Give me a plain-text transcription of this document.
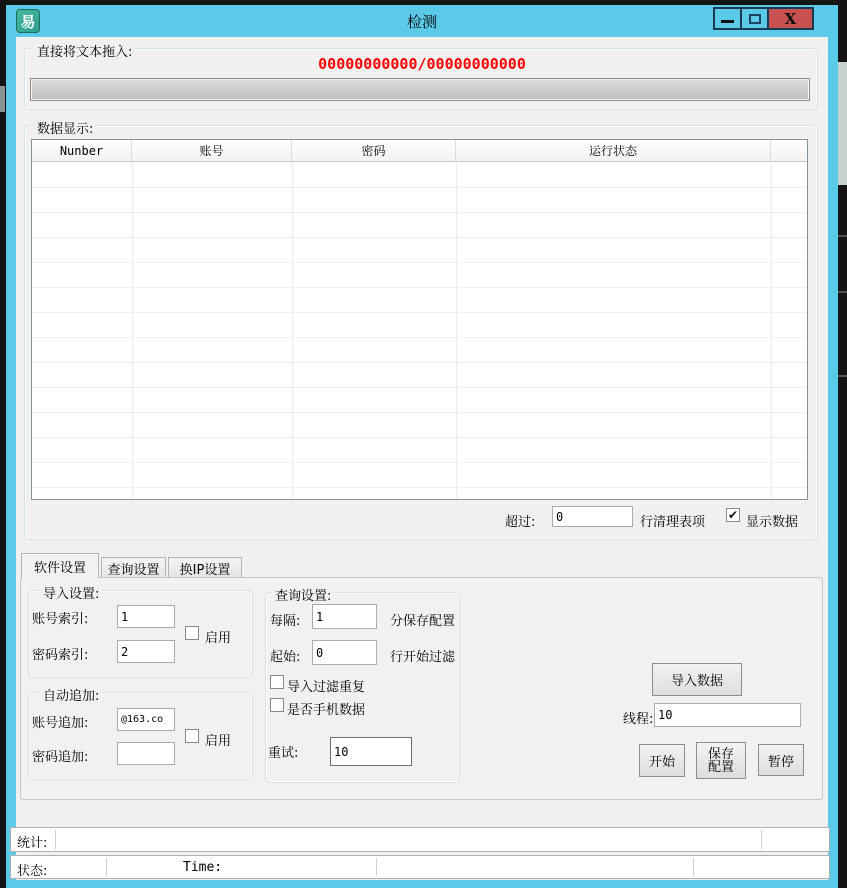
易	检测	X
直接将文本拖入:
00000000000/00000000000
数据显示:
Nunber	账号	密码	运行状态
超过:
0	行清理表项 ✔ 显示数据
软件设置	查询设置	换IP设置
导入设置:
账号索引:
1
密码索引:
2
启用
自动追加:
账号追加:
@163.co
密码追加:
启用
查询设置:
每隔:
1	分保存配置
起始:
0	行开始过滤
导入过滤重复
是否手机数据
重试:
10
导入数据
线程:
10
开始
保存
配置	暂停
统计:
状态:	Time:
